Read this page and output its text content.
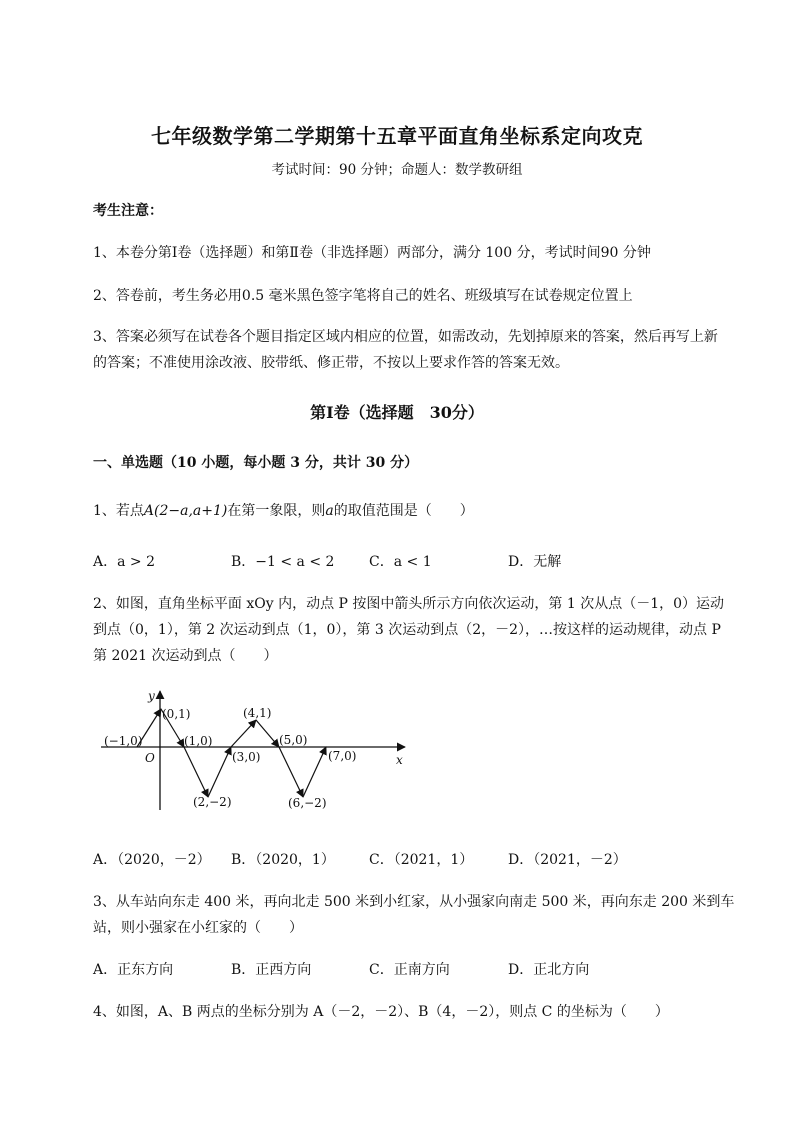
七年级数学第二学期第十五章平面直角坐标系定向攻克
考试时间：90 分钟；命题人：数学教研组
考生注意：
1、本卷分第Ⅰ卷（选择题）和第Ⅱ卷（非选择题）两部分，满分 100 分，考试时间90 分钟
2、答卷前，考生务必用0.5 毫米黑色签字笔将自己的姓名、班级填写在试卷规定位置上
3、答案必须写在试卷各个题目指定区域内相应的位置，如需改动，先划掉原来的答案，然后再写上新
的答案；不准使用涂改液、胶带纸、修正带，不按以上要求作答的答案无效。
第Ⅰ卷（选择题　30分）
一、单选题（10 小题，每小题 3 分，共计 30 分）
1、若点A(2−a,a+1)在第一象限，则a的取值范围是（　　）
A．a > 2	B．−1 < a < 2 C．a < 1	D．无解
2、如图，直角坐标平面 xOy 内，动点 P 按图中箭头所示方向依次运动，第 1 次从点（－1，0）运动
到点（0，1），第 2 次运动到点（1，0），第 3 次运动到点（2，－2），…按这样的运动规律，动点 P
第 2021 次运动到点（　　）
y
x
O
(−1,0)
(0,1)
(1,0)
(2,−2)
(3,0)
(4,1)
(5,0)
(6,−2)
(7,0)
A．（2020，－2） B．（2020，1） C．（2021，1） D．（2021，－2）
3、从车站向东走 400 米，再向北走 500 米到小红家，从小强家向南走 500 米，再向东走 200 米到车
站，则小强家在小红家的（　　）
A．正东方向	B．正西方向	C．正南方向	D．正北方向
4、如图，A、B 两点的坐标分别为 A（－2，－2）、B（4，－2），则点 C 的坐标为（　　）
